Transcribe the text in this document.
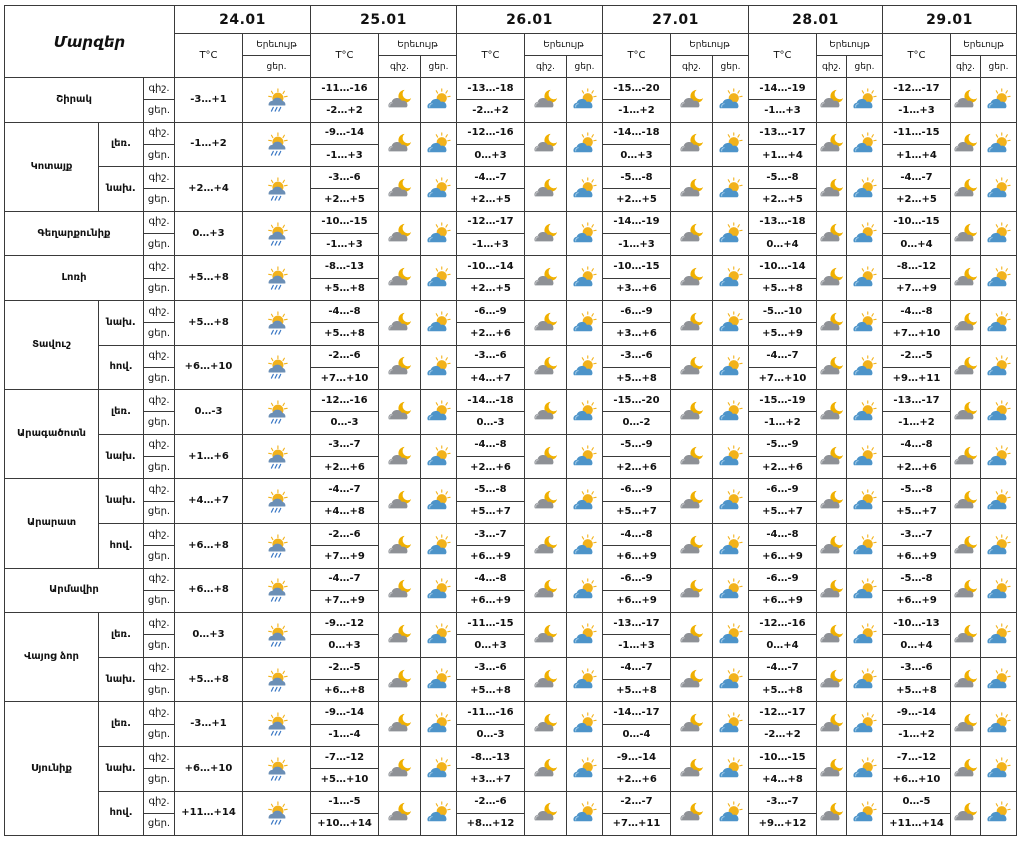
Մարզեր			24.01		25.01			26.01			27.01			28.01			29.01		
			T°C	Երեւույթ	T°C	Երեւույթ		T°C	Երեւույթ		T°C	Երեւույթ		T°C	Երեւույթ		T°C	Երեւույթ	
				ցեր.		գիշ.	ցեր.		գիշ.	ցեր.		գիշ.	ցեր.		գիշ.	ցեր.		գիշ.	ցեր.
Շիրակ		գիշ.	-3…+1		-11…-16			-13…-18			-15…-20			-14…-19			-12…-17	

		ցեր.			-2…+2			-2…+2			-1…+2			-1…+3			-1…+3		
Կոտայք	լեռ.	գիշ.	-1…+2		-9…-14			-12…-16			-14…-18			-13…-17			-11…-15	

		ցեր.			-1…+3			0…+3			0…+3			+1…+4			+1…+4		
	նախ.	գիշ.	+2…+4		-3…-6			-4…-7			-5…-8			-5…-8			-4…-7	

		ցեր.			+2…+5			+2…+5			+2…+5			+2…+5			+2…+5		
Գեղարքունիք		գիշ.	0…+3		-10…-15			-12…-17			-14…-19			-13…-18			-10…-15	

		ցեր.			-1…+3			-1…+3			-1…+3			0…+4			0…+4		
Լոռի		գիշ.	+5…+8		-8…-13			-10…-14			-10…-15			-10…-14			-8…-12	

		ցեր.			+5…+8			+2…+5			+3…+6			+5…+8			+7…+9		
Տավուշ	նախ.	գիշ.	+5…+8		-4…-8			-6…-9			-6…-9			-5…-10			-4…-8	

		ցեր.			+5…+8			+2…+6			+3…+6			+5…+9			+7…+10		
	հով.	գիշ.	+6…+10		-2…-6			-3…-6			-3…-6			-4…-7			-2…-5	

		ցեր.			+7…+10			+4…+7			+5…+8			+7…+10			+9…+11		
Արագածոտն	լեռ.	գիշ.	0…-3		-12…-16			-14…-18			-15…-20			-15…-19			-13…-17	

		ցեր.			0…-3			0…-3			0…-2			-1…+2			-1…+2		
	նախ.	գիշ.	+1…+6		-3…-7			-4…-8			-5…-9			-5…-9			-4…-8	

		ցեր.			+2…+6			+2…+6			+2…+6			+2…+6			+2…+6		
Արարատ	նախ.	գիշ.	+4…+7		-4…-7			-5…-8			-6…-9			-6…-9			-5…-8	

		ցեր.			+4…+8			+5…+7			+5…+7			+5…+7			+5…+7		
	հով.	գիշ.	+6…+8		-2…-6			-3…-7			-4…-8			-4…-8			-3…-7	

		ցեր.			+7…+9			+6…+9			+6…+9			+6…+9			+6…+9		
Արմավիր		գիշ.	+6…+8		-4…-7			-4…-8			-6…-9			-6…-9			-5…-8	

		ցեր.			+7…+9			+6…+9			+6…+9			+6…+9			+6…+9		
Վայոց ձոր	լեռ.	գիշ.	0…+3		-9…-12			-11…-15			-13…-17			-12…-16			-10…-13	

		ցեր.			0…+3			0…+3			-1…+3			0…+4			0…+4		
	նախ.	գիշ.	+5…+8		-2…-5			-3…-6			-4…-7			-4…-7			-3…-6	

		ցեր.			+6…+8			+5…+8			+5…+8			+5…+8			+5…+8		
Սյունիք	լեռ.	գիշ.	-3…+1		-9…-14			-11…-16			-14…-17			-12…-17			-9…-14	

		ցեր.			-1…-4			0…-3			0…-4			-2…+2			-1…+2		
	նախ.	գիշ.	+6…+10		-7…-12			-8…-13			-9…-14			-10…-15			-7…-12	

		ցեր.			+5…+10			+3…+7			+2…+6			+4…+8			+6…+10		
	հով.	գիշ.	+11…+14		-1…-5			-2…-6			-2…-7			-3…-7			0…-5	

		ցեր.			+10…+14			+8…+12			+7…+11			+9…+12			+11…+14		
